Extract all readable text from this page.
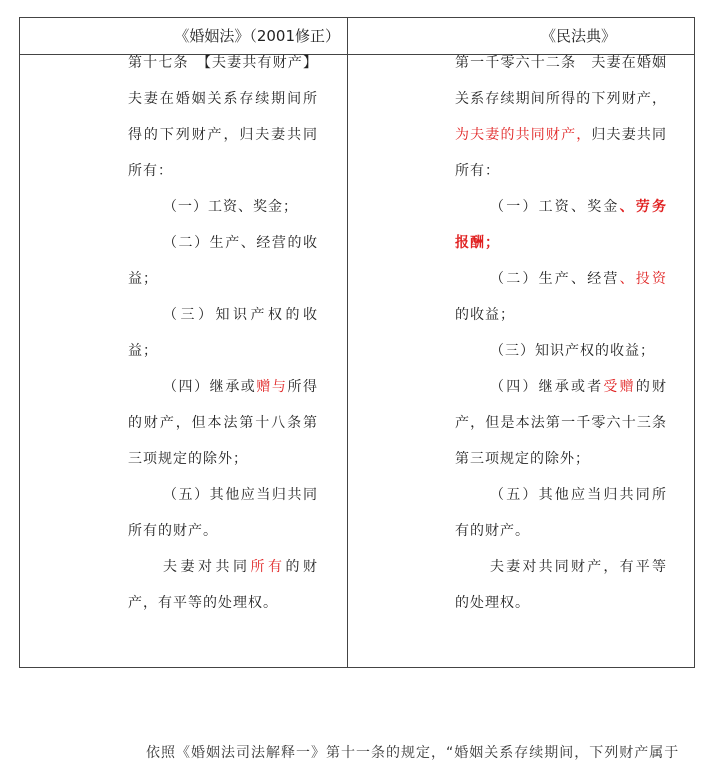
《婚姻法》（2001修正）	《民法典》

第十七条　【夫妻共有财产】夫妻在婚姻关系存续期间所得的下列财产，归夫妻共同所有：

（一）工资、奖金；

（二）生产、经营的收益；

（三）知识产权的收益；

（四）继承或赠与所得的财产，但本法第十八条第三项规定的除外；

（五）其他应当归共同所有的财产。

夫妻对共同所有的财产，有平等的处理权。

第一千零六十二条　夫妻在婚姻关系存续期间所得的下列财产，为夫妻的共同财产，归夫妻共同所有：

（一）工资、奖金、劳务报酬；

（二）生产、经营、投资的收益；

（三）知识产权的收益；

（四）继承或者受赠的财产，但是本法第一千零六十三条第三项规定的除外；

（五）其他应当归共同所有的财产。

夫妻对共同财产，有平等的处理权。

依照《婚姻法司法解释一》第十一条的规定，“婚姻关系存续期间，下列财产属于
